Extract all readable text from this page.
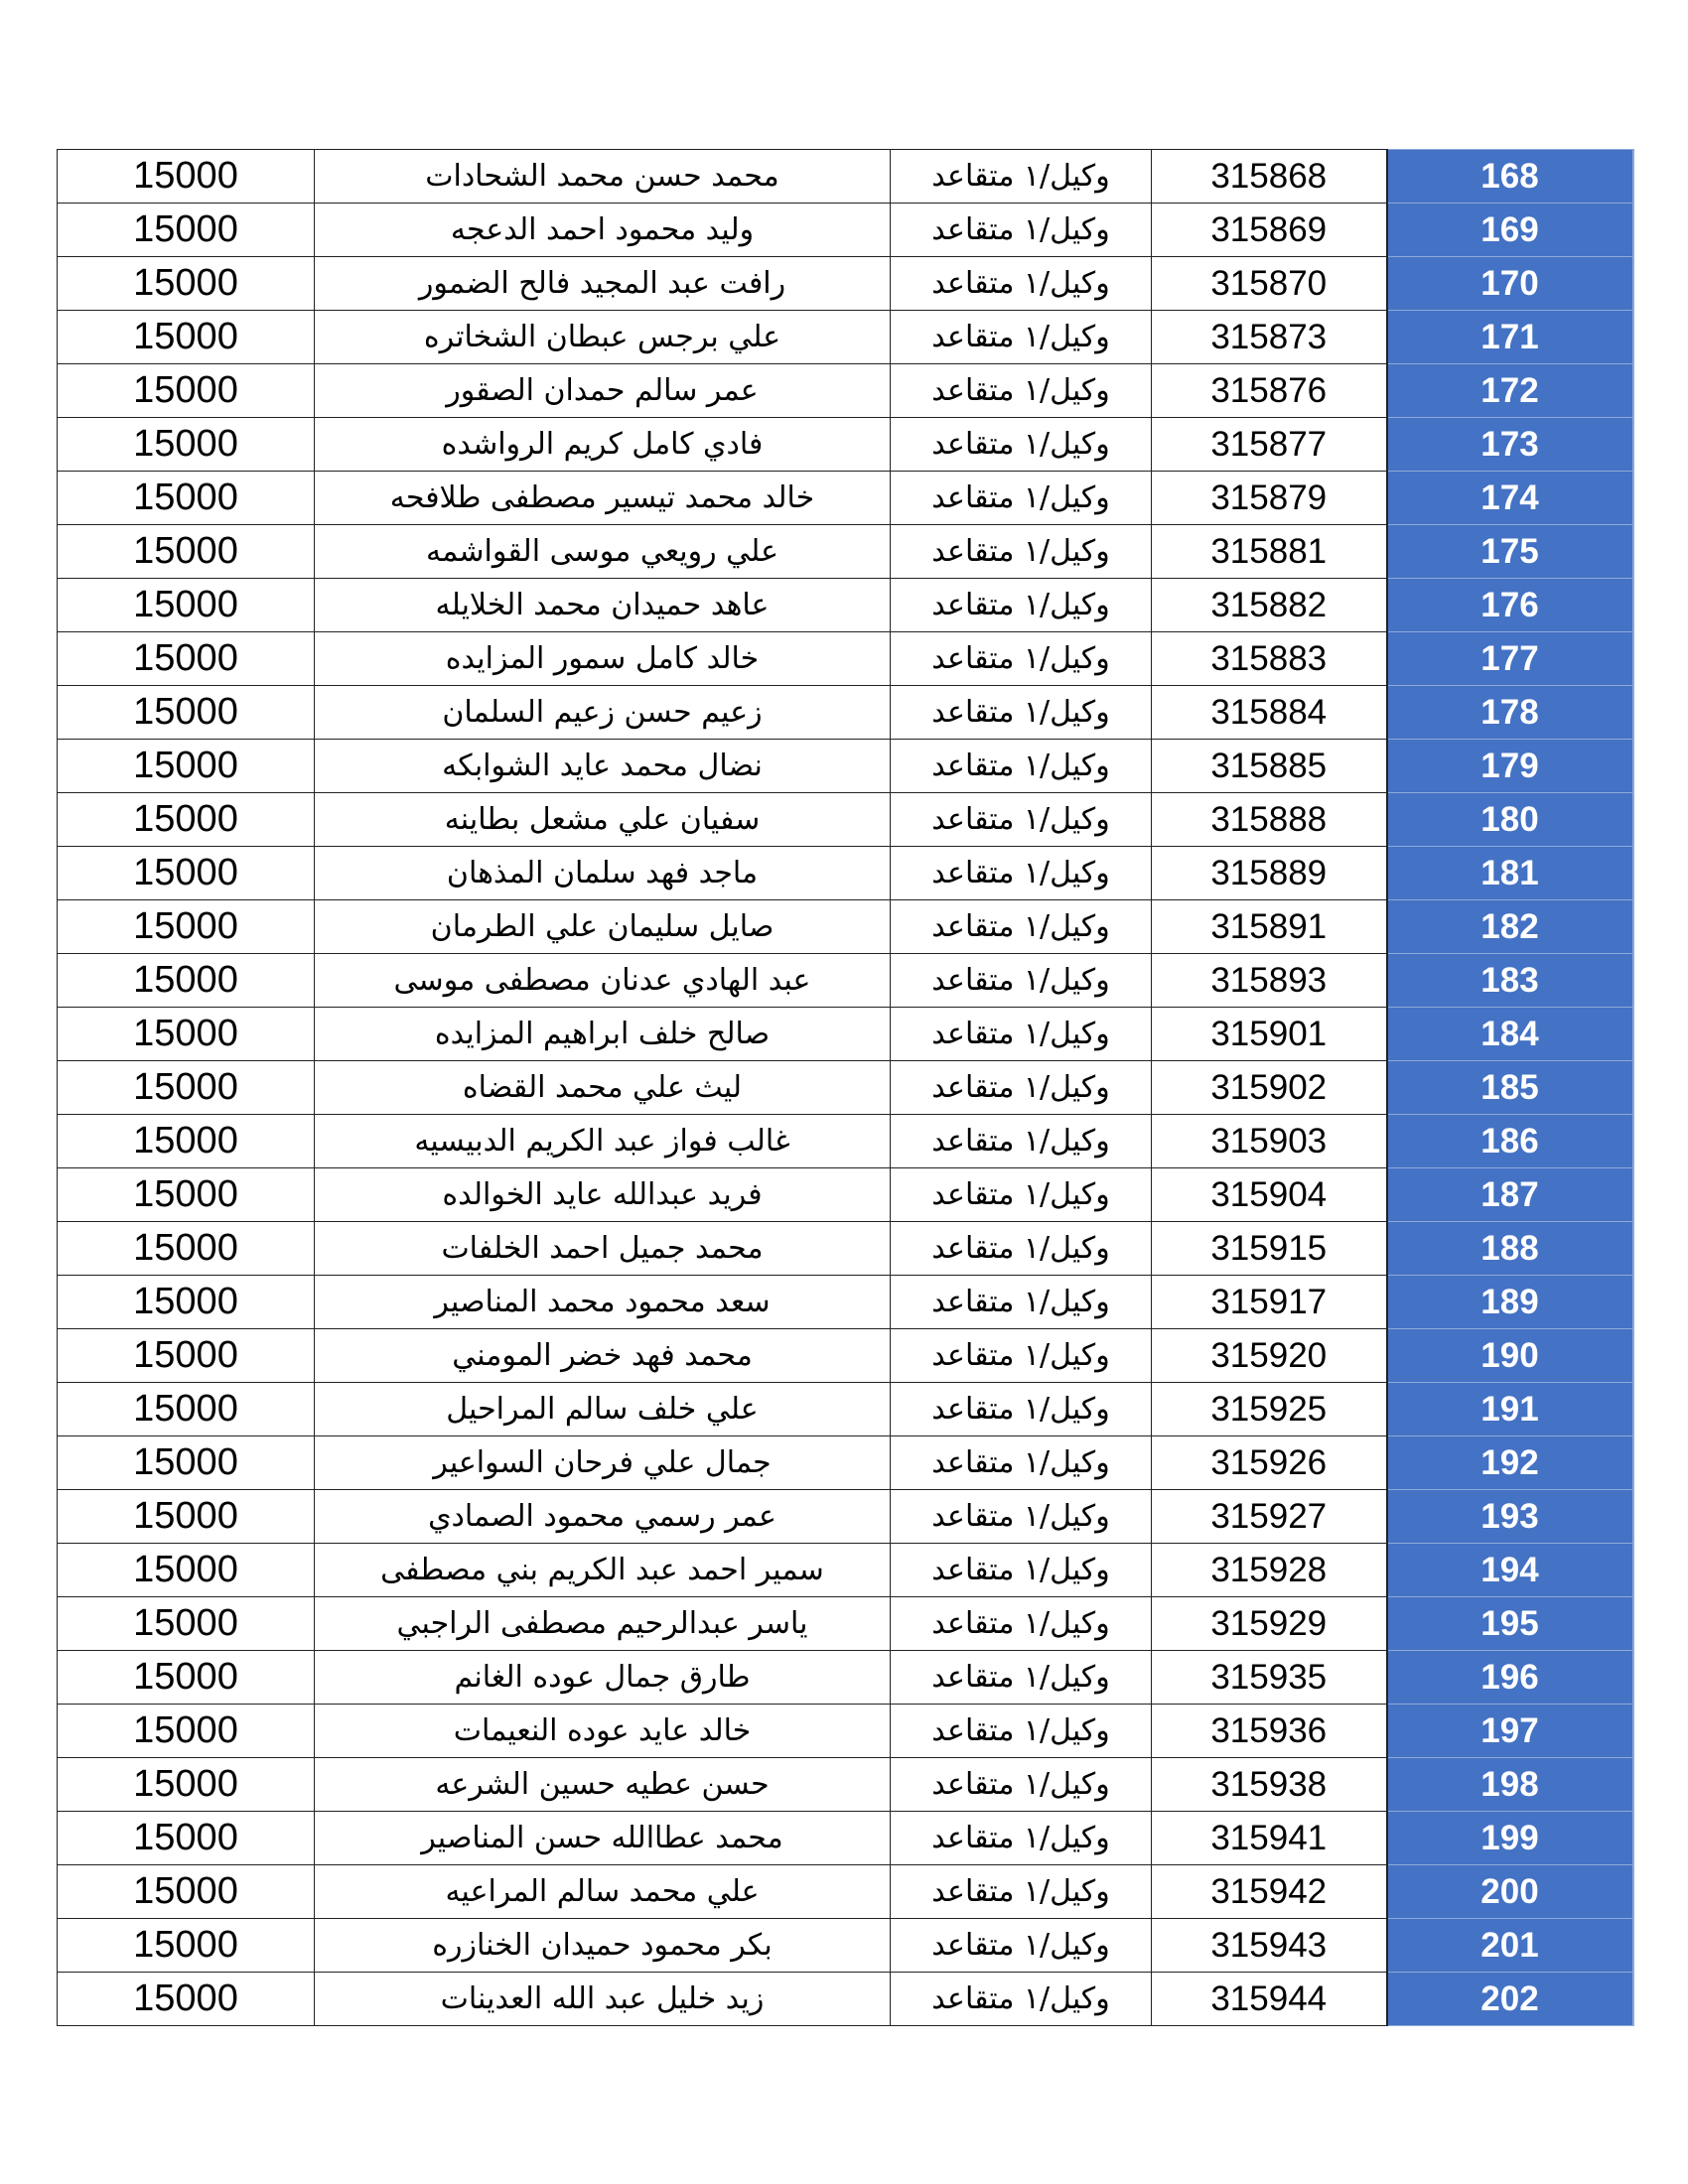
15000	محمد حسن محمد الشحادات	وكيل/١ متقاعد	315868	168
15000	وليد محمود احمد الدعجه	وكيل/١ متقاعد	315869	169
15000	رافت عبد المجيد فالح الضمور	وكيل/١ متقاعد	315870	170
15000	علي برجس عبطان الشخاتره	وكيل/١ متقاعد	315873	171
15000	عمر سالم حمدان الصقور	وكيل/١ متقاعد	315876	172
15000	فادي كامل كريم الرواشده	وكيل/١ متقاعد	315877	173
15000	خالد محمد تيسير مصطفى طلافحه	وكيل/١ متقاعد	315879	174
15000	علي رويعي موسى القواشمه	وكيل/١ متقاعد	315881	175
15000	عاهد حميدان محمد الخلايله	وكيل/١ متقاعد	315882	176
15000	خالد كامل سمور المزايده	وكيل/١ متقاعد	315883	177
15000	زعيم حسن زعيم السلمان	وكيل/١ متقاعد	315884	178
15000	نضال محمد عايد الشوابكه	وكيل/١ متقاعد	315885	179
15000	سفيان علي مشعل بطاينه	وكيل/١ متقاعد	315888	180
15000	ماجد فهد سلمان المذهان	وكيل/١ متقاعد	315889	181
15000	صايل سليمان علي الطرمان	وكيل/١ متقاعد	315891	182
15000	عبد الهادي عدنان مصطفى موسى	وكيل/١ متقاعد	315893	183
15000	صالح خلف ابراهيم المزايده	وكيل/١ متقاعد	315901	184
15000	ليث علي محمد القضاه	وكيل/١ متقاعد	315902	185
15000	غالب فواز عبد الكريم الدبيسيه	وكيل/١ متقاعد	315903	186
15000	فريد عبدالله عايد الخوالده	وكيل/١ متقاعد	315904	187
15000	محمد جميل احمد الخلفات	وكيل/١ متقاعد	315915	188
15000	سعد محمود محمد المناصير	وكيل/١ متقاعد	315917	189
15000	محمد فهد خضر المومني	وكيل/١ متقاعد	315920	190
15000	علي خلف سالم المراحيل	وكيل/١ متقاعد	315925	191
15000	جمال علي فرحان السواعير	وكيل/١ متقاعد	315926	192
15000	عمر رسمي محمود الصمادي	وكيل/١ متقاعد	315927	193
15000	سمير احمد عبد الكريم بني مصطفى	وكيل/١ متقاعد	315928	194
15000	ياسر عبدالرحيم مصطفى الراجبي	وكيل/١ متقاعد	315929	195
15000	طارق جمال عوده الغانم	وكيل/١ متقاعد	315935	196
15000	خالد عايد عوده النعيمات	وكيل/١ متقاعد	315936	197
15000	حسن عطيه حسين الشرعه	وكيل/١ متقاعد	315938	198
15000	محمد عطاالله حسن المناصير	وكيل/١ متقاعد	315941	199
15000	علي محمد سالم المراعيه	وكيل/١ متقاعد	315942	200
15000	بكر محمود حميدان الخنازره	وكيل/١ متقاعد	315943	201
15000	زيد خليل عبد الله العدينات	وكيل/١ متقاعد	315944	202
